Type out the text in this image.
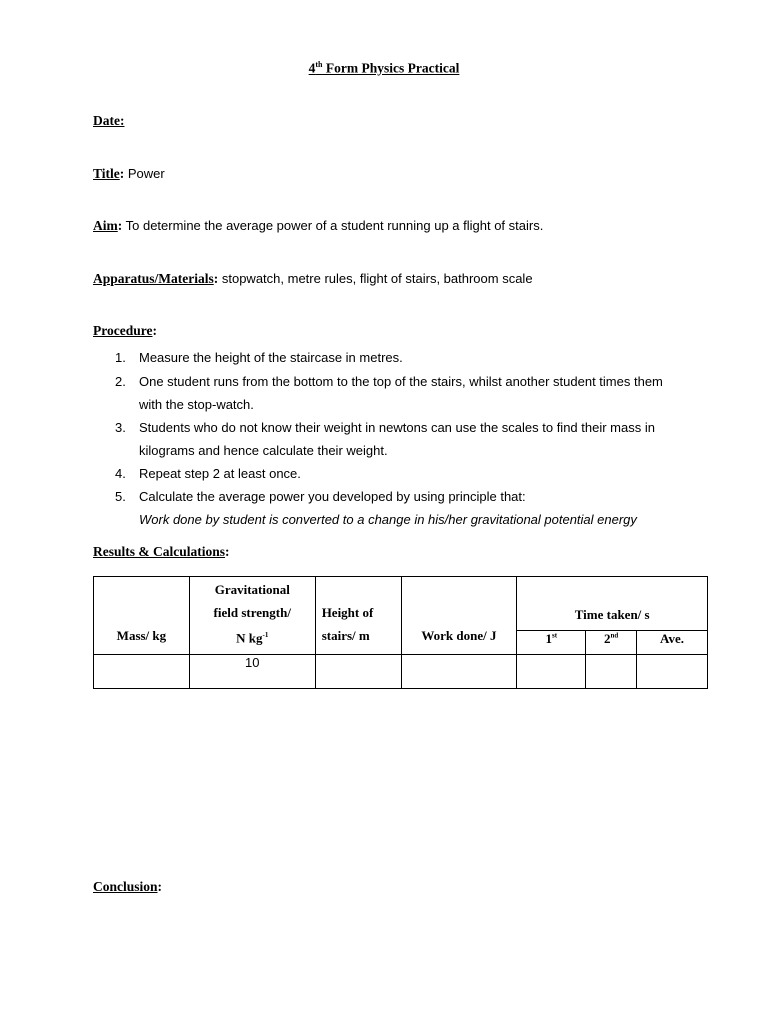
4th Form Physics Practical
Date:
Title: Power
Aim: To determine the average power of a student running up a flight of stairs.
Apparatus/Materials: stopwatch, metre rules, flight of stairs, bathroom scale
Procedure:
1. Measure the height of the staircase in metres.
2. One student runs from the bottom to the top of the stairs, whilst another student times them
with the stop-watch.
3. Students who do not know their weight in newtons can use the scales to find their mass in
kilograms and hence calculate their weight.
4. Repeat step 2 at least once.
5. Calculate the average power you developed by using principle that:
Work done by student is converted to a change in his/her gravitational potential energy
Results & Calculations:
Mass/ kg	Gravitational
field strength/
N $kg^{-1}$	Height of
stairs/ m	Work done/ J	Time taken/ s		
				1st	2nd	Ave.
	10					
Conclusion:
